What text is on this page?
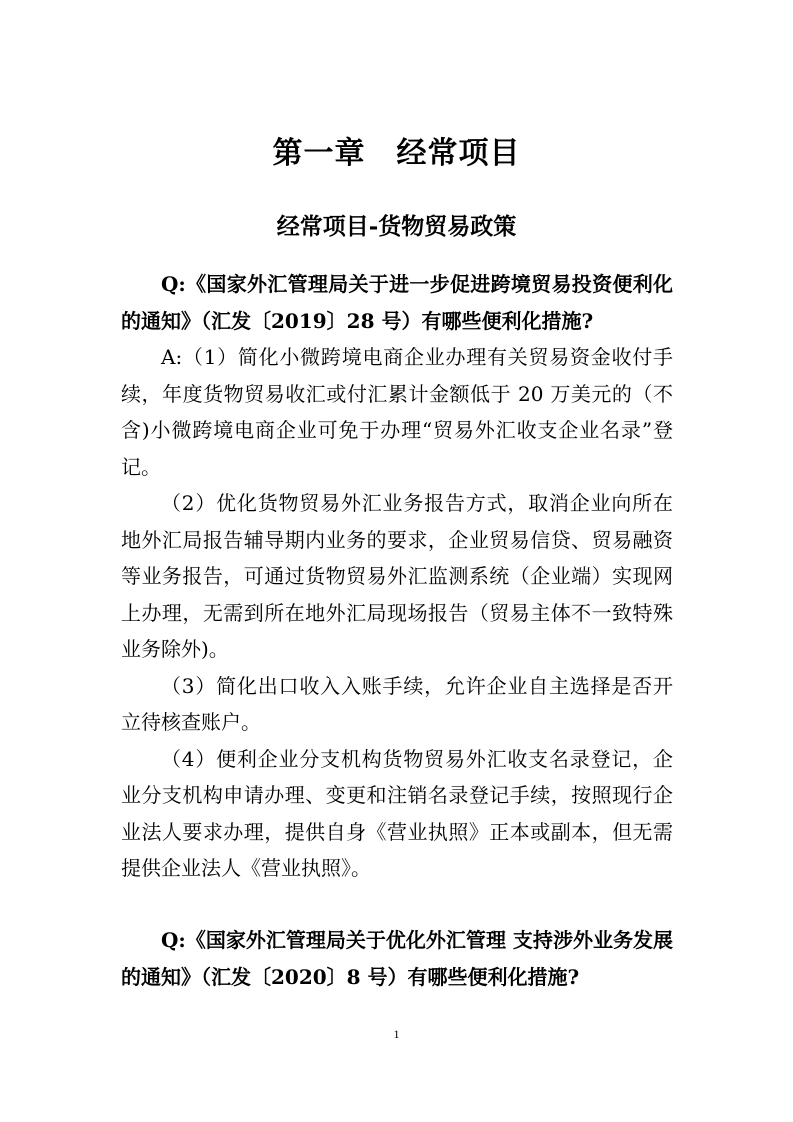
第一章　经常项目
经常项目-货物贸易政策

Q:《国家外汇管理局关于进一步促进跨境贸易投资便利化的通知》（汇发〔2019〕28 号）有哪些便利化措施?

A:（1）简化小微跨境电商企业办理有关贸易资金收付手续，年度货物贸易收汇或付汇累计金额低于 20 万美元的（不含)小微跨境电商企业可免于办理“贸易外汇收支企业名录”登记。

（2）优化货物贸易外汇业务报告方式，取消企业向所在地外汇局报告辅导期内业务的要求，企业贸易信贷、贸易融资等业务报告，可通过货物贸易外汇监测系统（企业端）实现网上办理，无需到所在地外汇局现场报告（贸易主体不一致特殊业务除外)。

（3）简化出口收入入账手续，允许企业自主选择是否开立待核查账户。

（4）便利企业分支机构货物贸易外汇收支名录登记，企业分支机构申请办理、变更和注销名录登记手续，按照现行企业法人要求办理，提供自身《营业执照》正本或副本，但无需提供企业法人《营业执照》。

Q:《国家外汇管理局关于优化外汇管理 支持涉外业务发展的通知》（汇发〔2020〕8 号）有哪些便利化措施?

1
